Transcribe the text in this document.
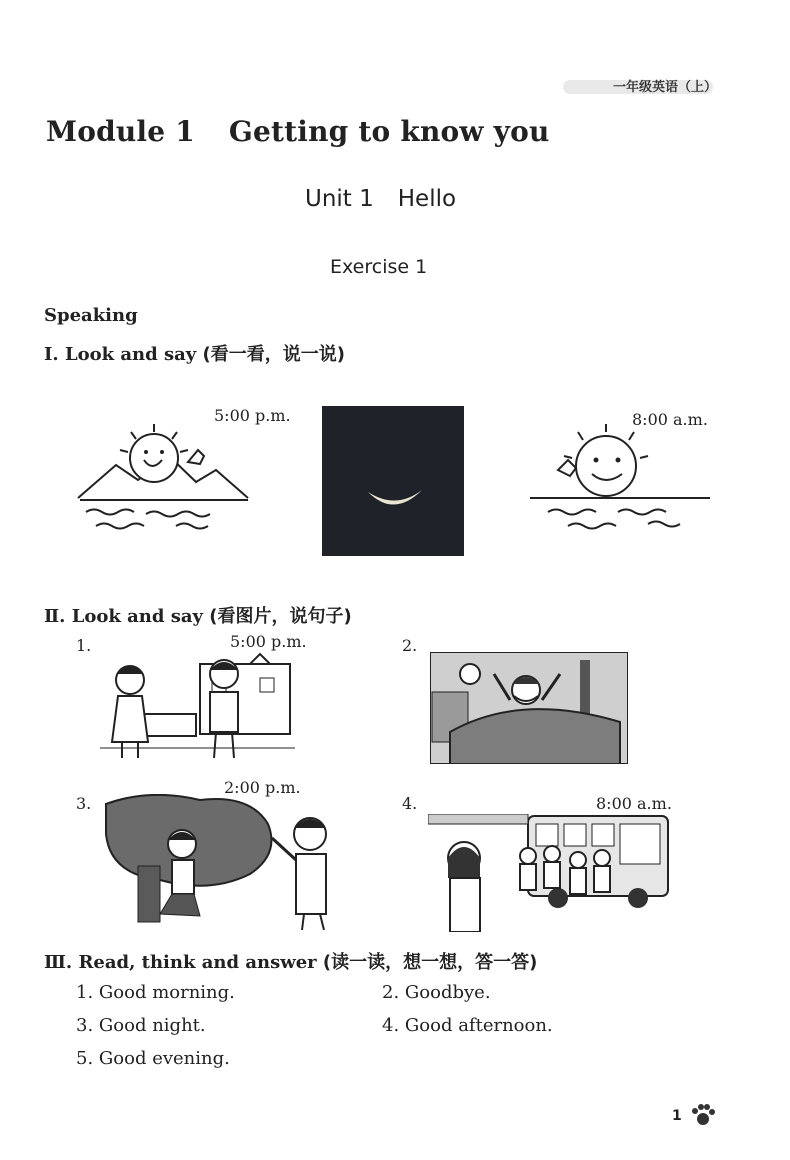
一年级英语（上）
Module 1 Getting to know you
Unit 1 Hello
Exercise 1
Speaking
Ⅰ. Look and say (看一看，说一说)
5:00 p.m.	8:00 a.m.
Ⅱ. Look and say (看图片，说句子)
1.	5:00 p.m.	2.
3.
2:00 p.m.
4.	8:00 a.m.
Ⅲ. Read, think and answer (读一读，想一想，答一答)
1. Good morning.	2. Goodbye.
3. Good night.	4. Good afternoon.
5. Good evening.
1
